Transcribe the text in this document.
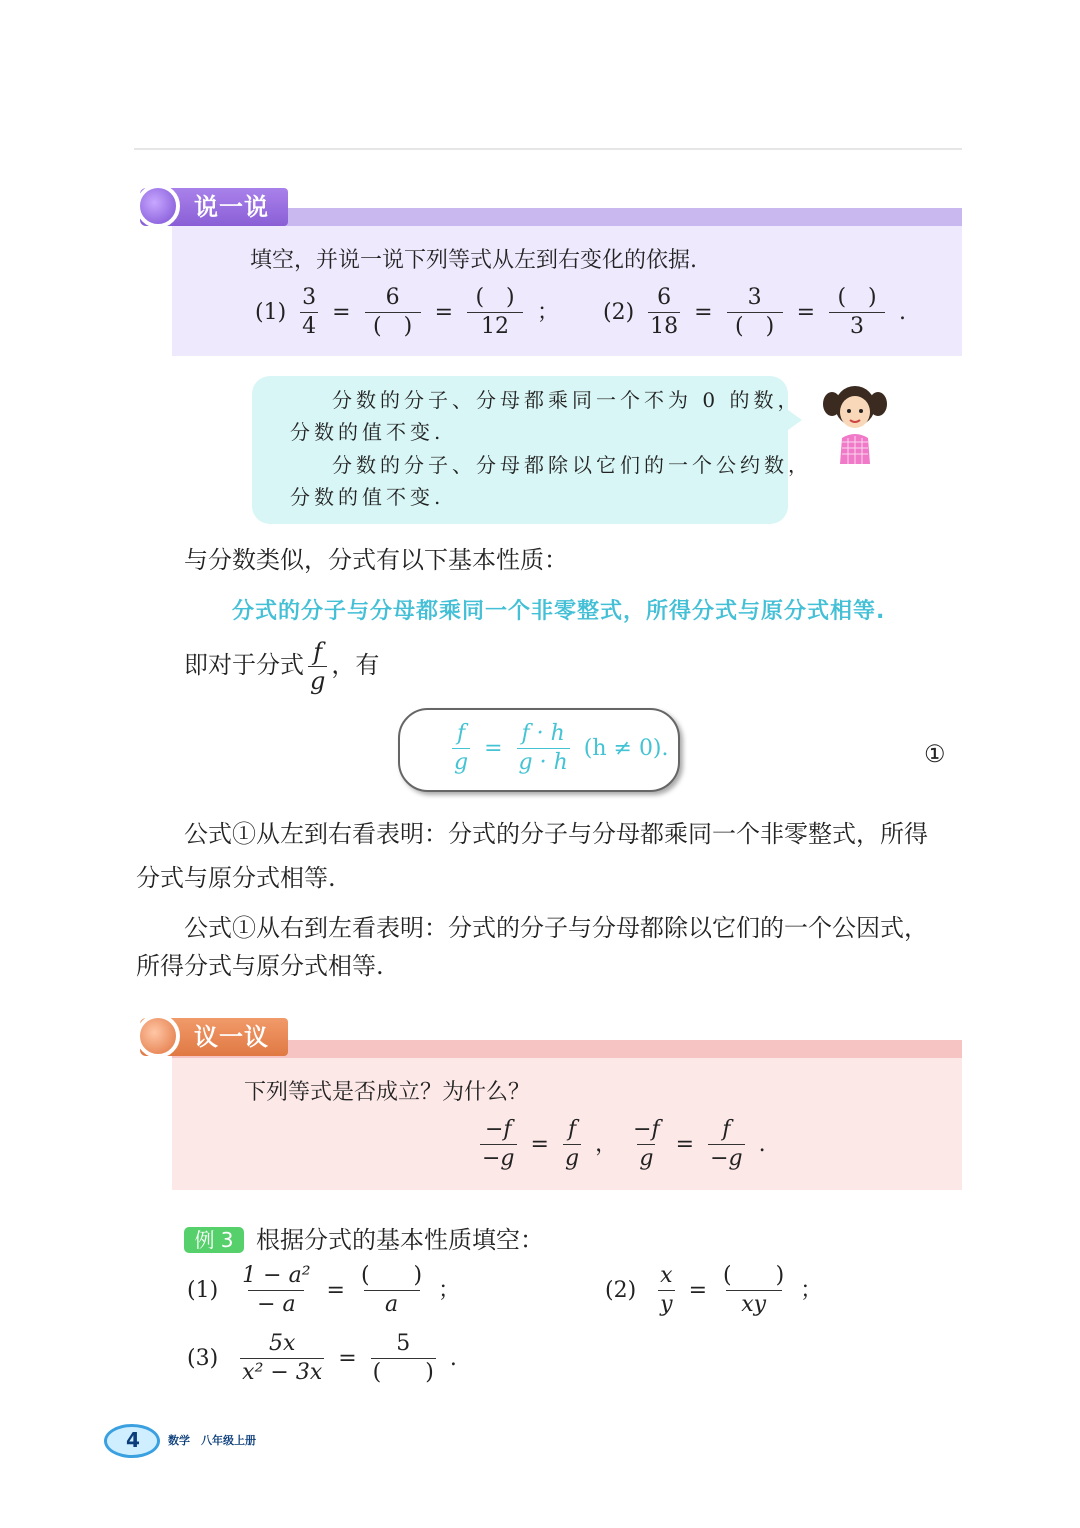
说一说
填空，并说一说下列等式从左到右变化的依据.
$(1) \frac{3}{4} = \frac{6}{( )} = \frac{( )}{12}$ ； $(2) \frac{6}{18} = \frac{3}{( )} = \frac{( )}{3}$ .
分数的分子、分母都乘同一个不为 0 的数，
分数的值不变.
分数的分子、分母都除以它们的一个公约数，
分数的值不变.
与分数类似，分式有以下基本性质：
分式的分子与分母都乘同一个非零整式，所得分式与原分式相等.
即对于分式 $\frac{f}{g}$ ，有
$\frac{f}{g} = \frac{f \cdot h}{g \cdot h} (h \ne 0)$.	①
公式①从左到右看表明：分式的分子与分母都乘同一个非零整式，所得
分式与原分式相等.
公式①从右到左看表明：分式的分子与分母都除以它们的一个公因式，
所得分式与原分式相等.
议一议
下列等式是否成立？为什么？
$\frac{-f}{-g} = \frac{f}{g}$ ， $\frac{-f}{g} = \frac{f}{-g}$ .
例 3 根据分式的基本性质填空：
$(1) \frac{\text{1 − a²}}{- a} = \frac{( )}{a}$ ；	$(2) \frac{x}{y} = \frac{( )}{xy}$ ；
$(3) \frac{5x}{\text{x² − 3x}} = \frac{5}{( )}$ .
4	数学　八年级上册
